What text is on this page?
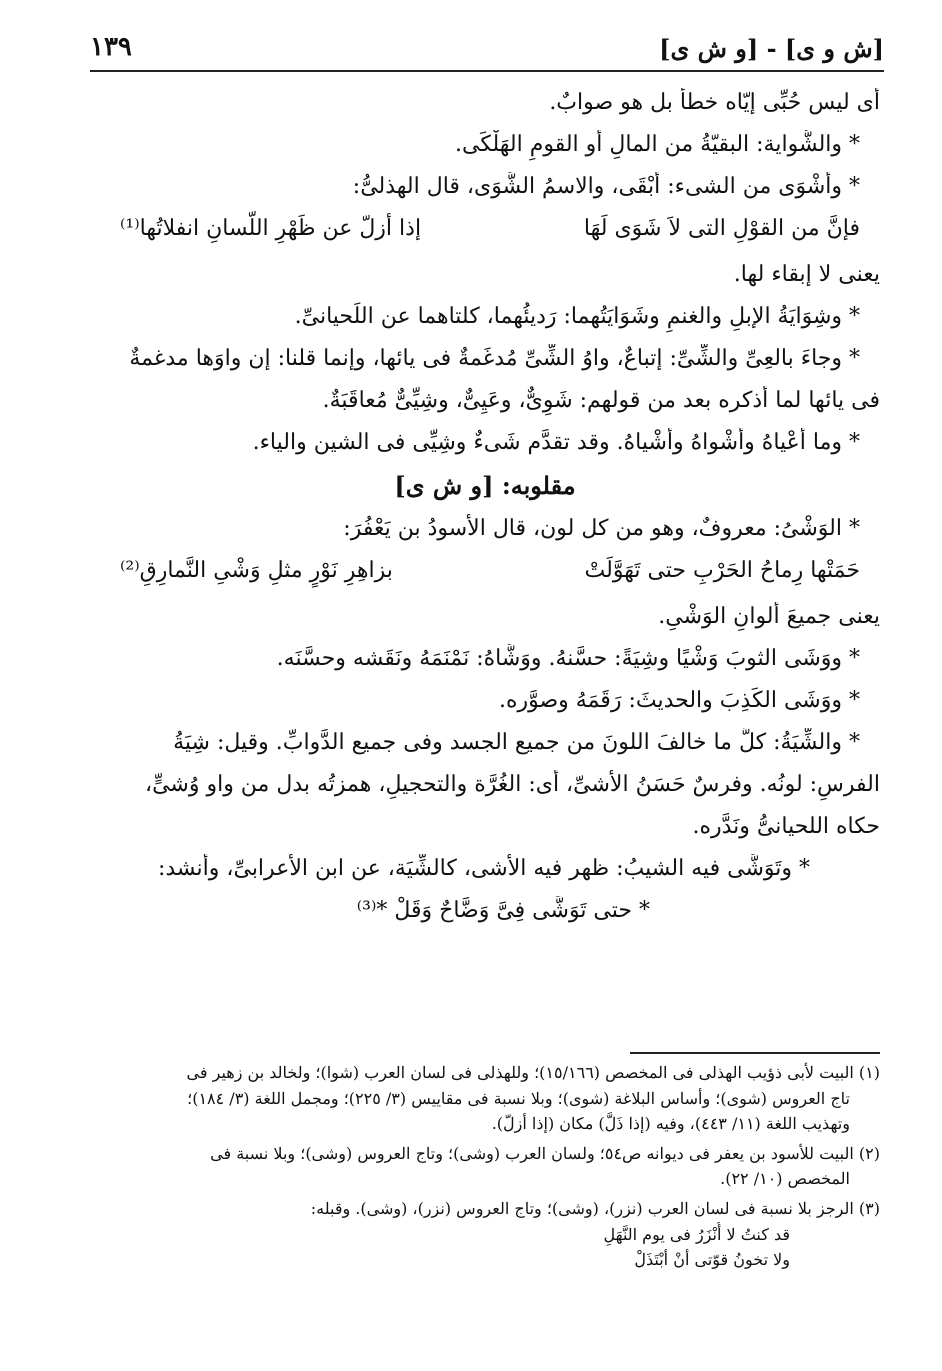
[ش و ى] - [و ش ى]
١٣٩
أى ليس حُبِّى إيّاه خطأً بل هو صوابٌ.
* والشُّواية: البقيّةُ من المالِ أو القومِ الهَلْكَى.
* وأشْوَى من الشىء: أبْقَى، والاسمُ الشَّوَى، قال الهذلىُّ:
فإنَّ من القوْلِ التى لاَ شَوَى لَهَا
إذا أزلّ عن ظَهْرِ اللّسانِ انفلاتُها⁽¹⁾
يعنى لا إبقاء لها.
* وشِوَايَةُ الإبلِ والغنمِ وشَوَايَتُهما: رَديئُهما، كلتاهما عن اللِّحيانىِّ.
* وجاءَ بالعِىِّ والشِّىِّ: إتباعٌ، واوُ الشِّىِّ مُدغَمةٌ فى يائها، وإنما قلنا: إن واوَها مدغمةٌ
فى يائها لما أذكره بعد من قولهم: شَوِىٌّ، وعَيِىٌّ، وشِيِّىٌّ مُعاقَبَةٌ.
* وما أعْياهُ وأشْواهُ وأشْياهُ. وقد تقدَّم شَىءٌ وشِيِّى فى الشين والياء.
مقلوبه: [و ش ى]
* الوَشْىُ: معروفٌ، وهو من كل لون، قال الأسودُ بن يَعْفُرَ:
حَمَتْها رِماحُ الحَرْبِ حتى تَهَوَّلَتْ
بزاهِرِ نَوْرٍ مثلِ وَشْىِ النَّمارِقِ⁽²⁾
يعنى جميعَ ألوانِ الوَشْىِ.
* ووَشَى الثوبَ وَشْيًا وشِيَةً: حسَّنهُ. ووَشَّاهُ: نَمْنَمَهُ ونَقَشه وحسَّنَه.
* ووَشَى الكَذِبَ والحديثَ: رَقَمَهُ وصوَّره.
* والشِّيَةُ: كلُّ ما خالفَ اللونَ من جميع الجسد وفى جميع الدَّوابِّ. وقيل: شِيَةُ
الفرسِ: لونُه. وفرسٌ حَسَنُ الأُشىِّ، أى: الغُرَّة والتحجيلِ، همزتُه بدل من واو وُشىٍّ،
حكاه اللحيانىُّ ونَدَّره.
* وتَوَشَّى فيه الشيبُ: ظهر فيه الأشى، كالشِّيَة، عن ابن الأعرابىِّ، وأنشد:
* حتى تَوَشَّى فِىَّ وَضَّاحٌ وَقَلْ *⁽³⁾
(١) البيت لأبى ذؤيب الهذلى فى المخصص (١٥/١٦٦)؛ وللهذلى فى لسان العرب (شوا)؛ ولخالد بن زهير فى
تاج العروس (شوى)؛ وأساس البلاغة (شوى)؛ وبلا نسبة فى مقاييس (٣/ ٢٢٥)؛ ومجمل اللغة (٣/ ١٨٤)؛
وتهذيب اللغة (١١/ ٤٤٣)، وفيه (إذا ذَلَّ) مكان (إذا أزلّ).
(٢) البيت للأسود بن يعفر فى ديوانه ص٥٤؛ ولسان العرب (وشى)؛ وتاج العروس (وشى)؛ وبلا نسبة فى
المخصص (١٠/ ٢٢).
(٣) الرجز بلا نسبة فى لسان العرب (نزر)، (وشى)؛ وتاج العروس (نزر)، (وشى). وقبله:
قد كنتُ لا أُنْزَرُ فى يوم النَّهَلِ
ولا تخونُ قوّتى أنْ أبْتَذَلْ
